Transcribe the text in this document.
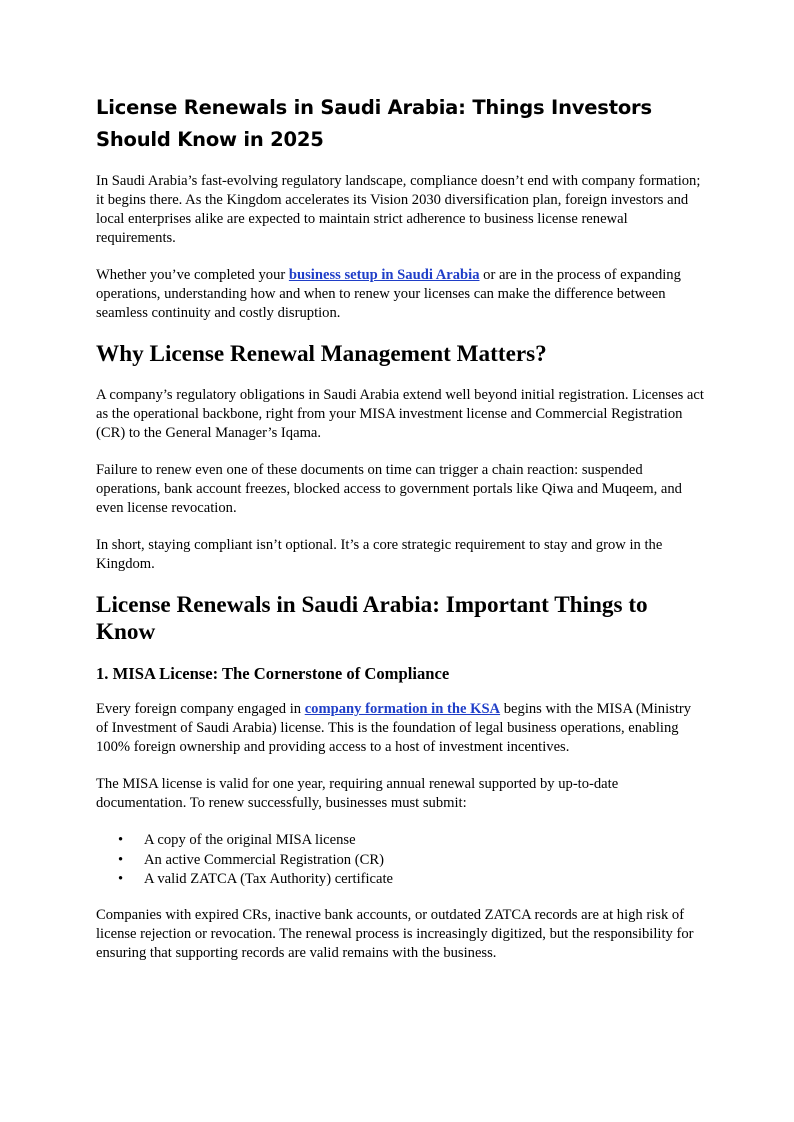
License Renewals in Saudi Arabia: Things Investors Should Know in 2025

In Saudi Arabia’s fast-evolving regulatory landscape, compliance doesn’t end with company formation; it begins there. As the Kingdom accelerates its Vision 2030 diversification plan, foreign investors and local enterprises alike are expected to maintain strict adherence to business license renewal requirements.

Whether you’ve completed your business setup in Saudi Arabia or are in the process of expanding operations, understanding how and when to renew your licenses can make the difference between seamless continuity and costly disruption.

Why License Renewal Management Matters?

A company’s regulatory obligations in Saudi Arabia extend well beyond initial registration. Licenses act as the operational backbone, right from your MISA investment license and Commercial Registration (CR) to the General Manager’s Iqama.

Failure to renew even one of these documents on time can trigger a chain reaction: suspended operations, bank account freezes, blocked access to government portals like Qiwa and Muqeem, and even license revocation.

In short, staying compliant isn’t optional. It’s a core strategic requirement to stay and grow in the Kingdom.

License Renewals in Saudi Arabia: Important Things to Know
1. MISA License: The Cornerstone of Compliance

Every foreign company engaged in company formation in the KSA begins with the MISA (Ministry of Investment of Saudi Arabia) license. This is the foundation of legal business operations, enabling 100% foreign ownership and providing access to a host of investment incentives.

The MISA license is valid for one year, requiring annual renewal supported by up-to-date documentation. To renew successfully, businesses must submit:

• A copy of the original MISA license
• An active Commercial Registration (CR)
• A valid ZATCA (Tax Authority) certificate

Companies with expired CRs, inactive bank accounts, or outdated ZATCA records are at high risk of license rejection or revocation. The renewal process is increasingly digitized, but the responsibility for ensuring that supporting records are valid remains with the business.
